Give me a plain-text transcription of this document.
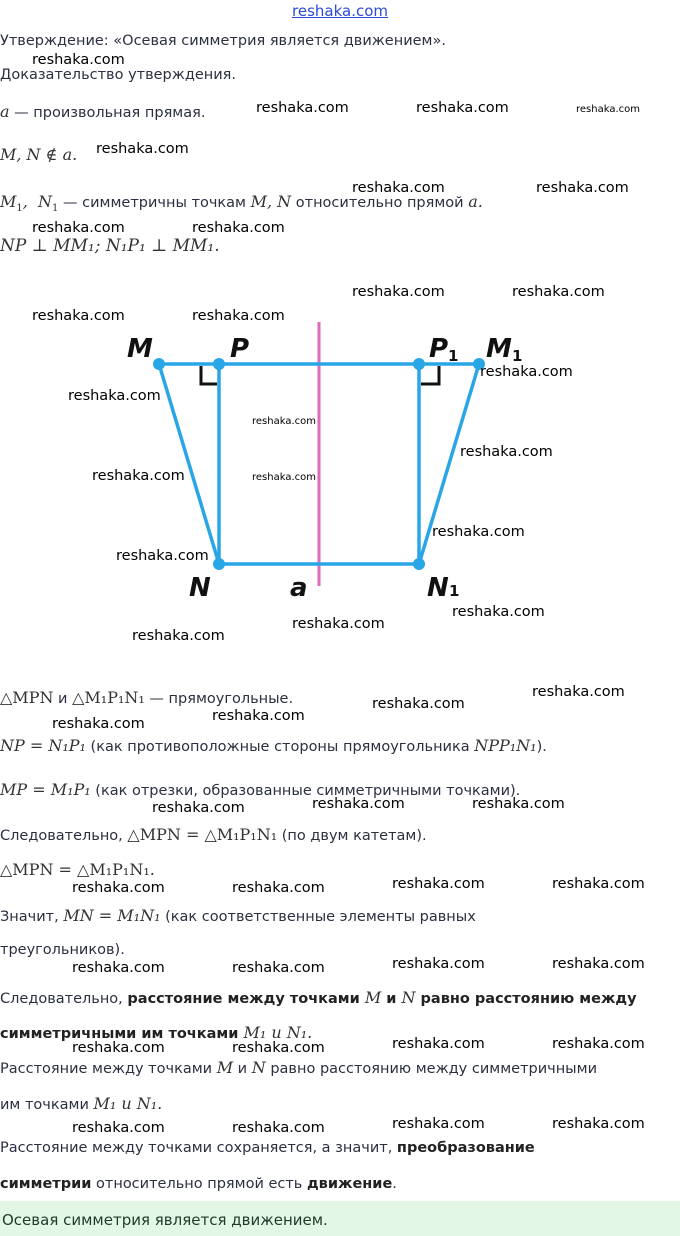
reshaka.com
Утверждение: «Осевая симметрия является движением».
Доказательство утверждения.
a — произвольная прямая.
M, N ∉ a.
$M_1$,  $N_1$ — симметричны точкам M, N относительно прямой a.
NP ⊥ MM₁; N₁P₁ ⊥ MM₁.
M	P	P 1 M 1
N	a	N 1
△MPN и △M₁P₁N₁ — прямоугольные.
NP = N₁P₁ (как противоположные стороны прямоугольника NPP₁N₁).
MP = M₁P₁ (как отрезки, образованные симметричными точками).
Следовательно, △MPN = △M₁P₁N₁ (по двум катетам).
△MPN = △M₁P₁N₁.
Значит, MN = M₁N₁ (как соответственные элементы равных
треугольников).
Следовательно, расстояние между точками M и N равно расстоянию между
симметричными им точками M₁ и N₁.
Расстояние между точками M и N равно расстоянию между симметричными
им точками M₁ и N₁.
Расстояние между точками сохраняется, а значит, преобразование
симметрии относительно прямой есть движение.
Осевая симметрия является движением.
reshaka.com
reshaka.com	reshaka.com	reshaka.com
reshaka.com
reshaka.com	reshaka.com
reshaka.com	reshaka.com
reshaka.com	reshaka.com
reshaka.com	reshaka.com
reshaka.com
reshaka.com
reshaka.com
reshaka.com
reshaka.com	reshaka.com
reshaka.com
reshaka.com
reshaka.com
reshaka.com
reshaka.com
reshaka.com
reshaka.com
reshaka.com
reshaka.com
reshaka.com	reshaka.com
reshaka.com
reshaka.com	reshaka.com
reshaka.com	reshaka.com
reshaka.com	reshaka.com
reshaka.com	reshaka.com
reshaka.com	reshaka.com
reshaka.com	reshaka.com
reshaka.com	reshaka.com
reshaka.com	reshaka.com
